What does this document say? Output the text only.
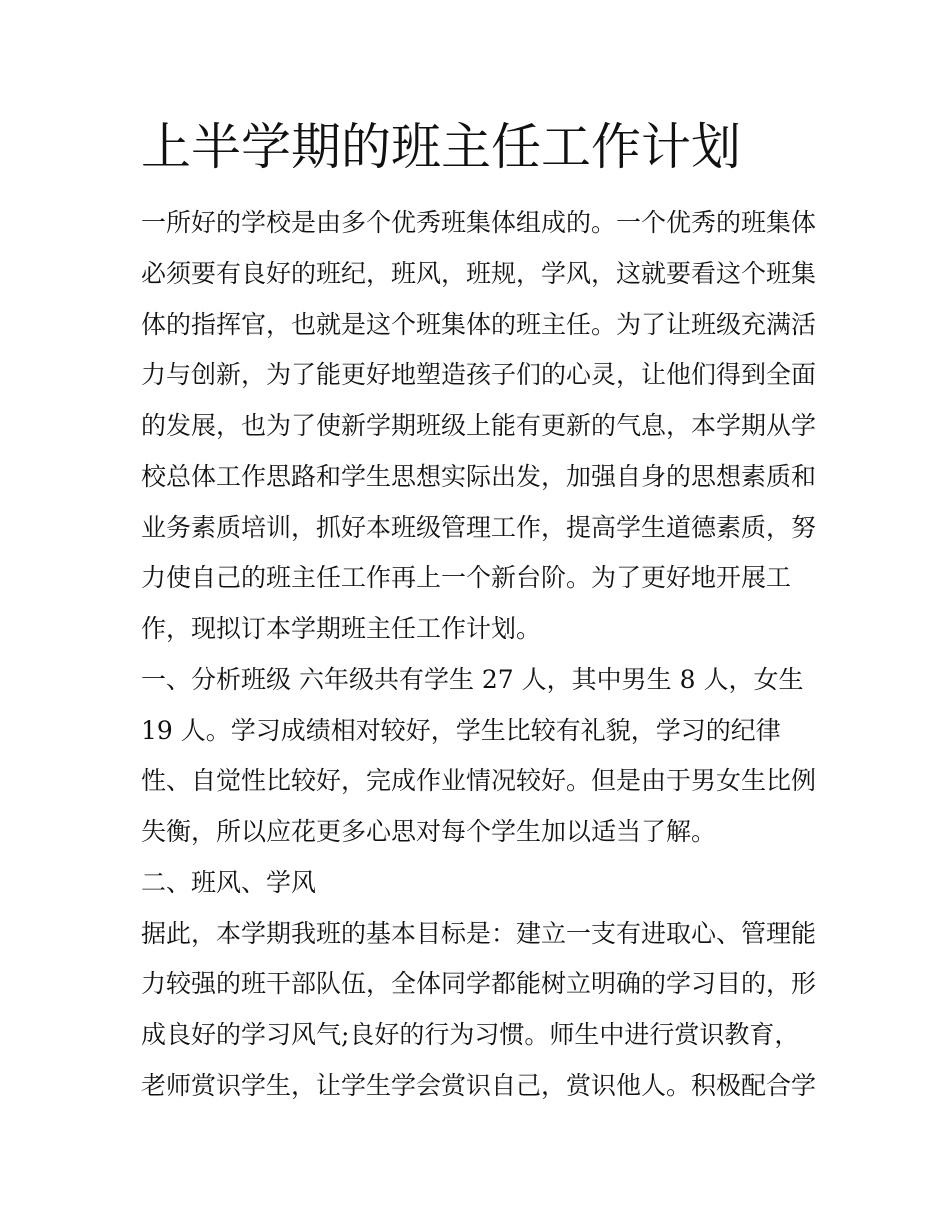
上半学期的班主任工作计划

一所好的学校是由多个优秀班集体组成的。一个优秀的班集体

必须要有良好的班纪，班风，班规，学风，这就要看这个班集

体的指挥官，也就是这个班集体的班主任。为了让班级充满活

力与创新，为了能更好地塑造孩子们的心灵，让他们得到全面

的发展，也为了使新学期班级上能有更新的气息，本学期从学

校总体工作思路和学生思想实际出发，加强自身的思想素质和

业务素质培训，抓好本班级管理工作，提高学生道德素质，努

力使自己的班主任工作再上一个新台阶。为了更好地开展工

作，现拟订本学期班主任工作计划。

一、分析班级 六年级共有学生 27 人，其中男生 8 人，女生

19 人。学习成绩相对较好，学生比较有礼貌，学习的纪律

性、自觉性比较好，完成作业情况较好。但是由于男女生比例

失衡，所以应花更多心思对每个学生加以适当了解。

二、班风、学风

据此，本学期我班的基本目标是：建立一支有进取心、管理能

力较强的班干部队伍，全体同学都能树立明确的学习目的，形

成良好的学习风气;良好的行为习惯。师生中进行赏识教育，

老师赏识学生，让学生学会赏识自己，赏识他人。积极配合学
